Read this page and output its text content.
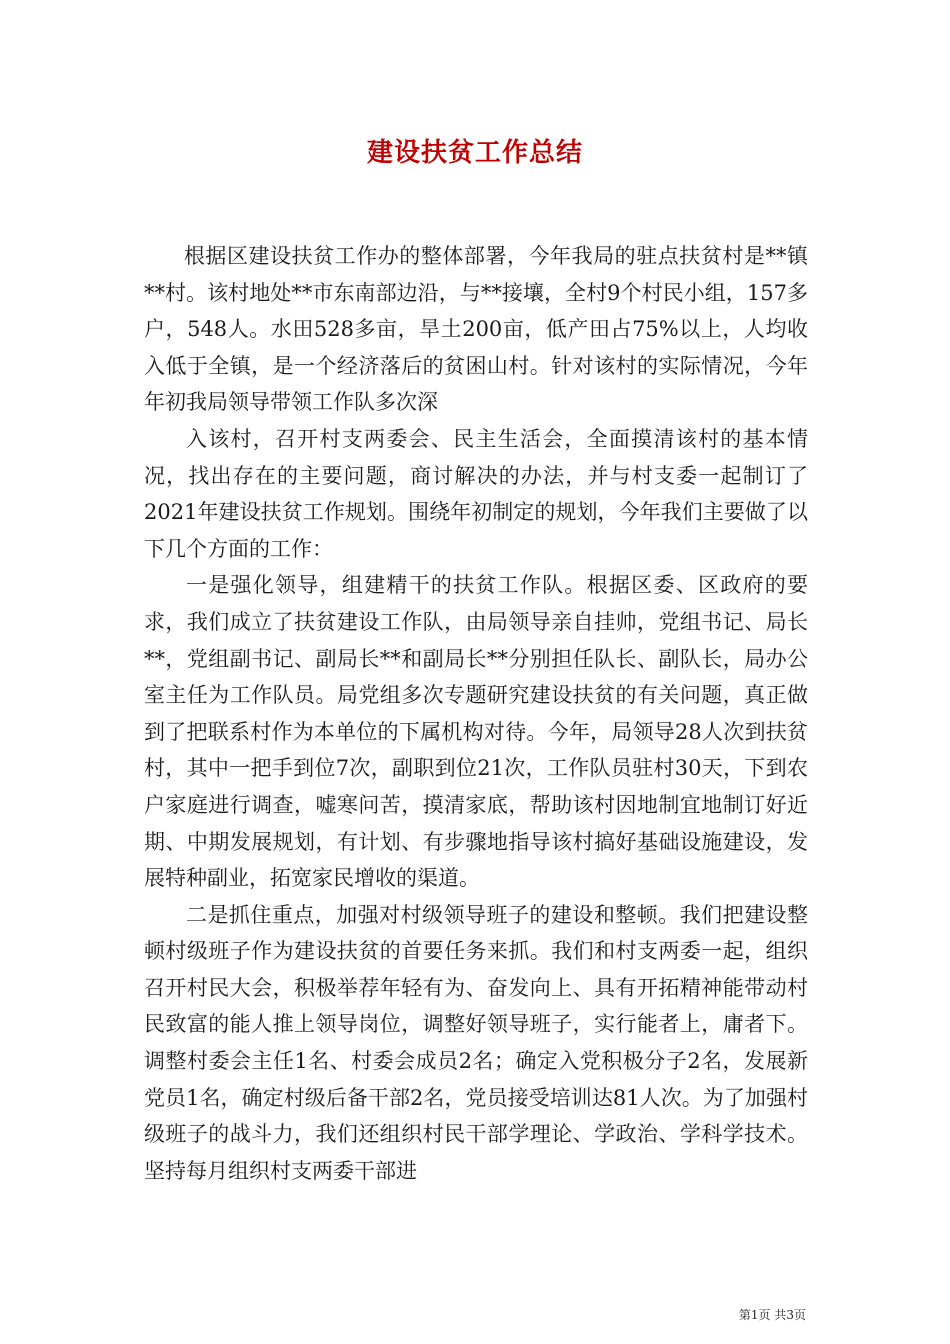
建设扶贫工作总结

根据区建设扶贫工作办的整体部署，今年我局的驻点扶贫村是**镇**村。该村地处**市东南部边沿，与**接壤，全村9个村民小组，157多户，548人。水田528多亩，旱土200亩，低产田占75%以上，人均收入低于全镇，是一个经济落后的贫困山村。针对该村的实际情况，今年年初我局领导带领工作队多次深

入该村，召开村支两委会、民主生活会，全面摸清该村的基本情况，找出存在的主要问题，商讨解决的办法，并与村支委一起制订了2021年建设扶贫工作规划。围绕年初制定的规划，今年我们主要做了以下几个方面的工作：

一是强化领导，组建精干的扶贫工作队。根据区委、区政府的要求，我们成立了扶贫建设工作队，由局领导亲自挂帅，党组书记、局长**，党组副书记、副局长**和副局长**分别担任队长、副队长，局办公室主任为工作队员。局党组多次专题研究建设扶贫的有关问题，真正做到了把联系村作为本单位的下属机构对待。今年，局领导28人次到扶贫村，其中一把手到位7次，副职到位21次，工作队员驻村30天，下到农户家庭进行调查，嘘寒问苦，摸清家底，帮助该村因地制宜地制订好近期、中期发展规划，有计划、有步骤地指导该村搞好基础设施建设，发展特种副业，拓宽家民增收的渠道。

二是抓住重点，加强对村级领导班子的建设和整顿。我们把建设整顿村级班子作为建设扶贫的首要任务来抓。我们和村支两委一起，组织召开村民大会，积极举荐年轻有为、奋发向上、具有开拓精神能带动村民致富的能人推上领导岗位，调整好领导班子，实行能者上，庸者下。调整村委会主任1名、村委会成员2名；确定入党积极分子2名，发展新党员1名，确定村级后备干部2名，党员接受培训达81人次。为了加强村级班子的战斗力，我们还组织村民干部学理论、学政治、学科学技术。坚持每月组织村支两委干部进

第1页 共3页
